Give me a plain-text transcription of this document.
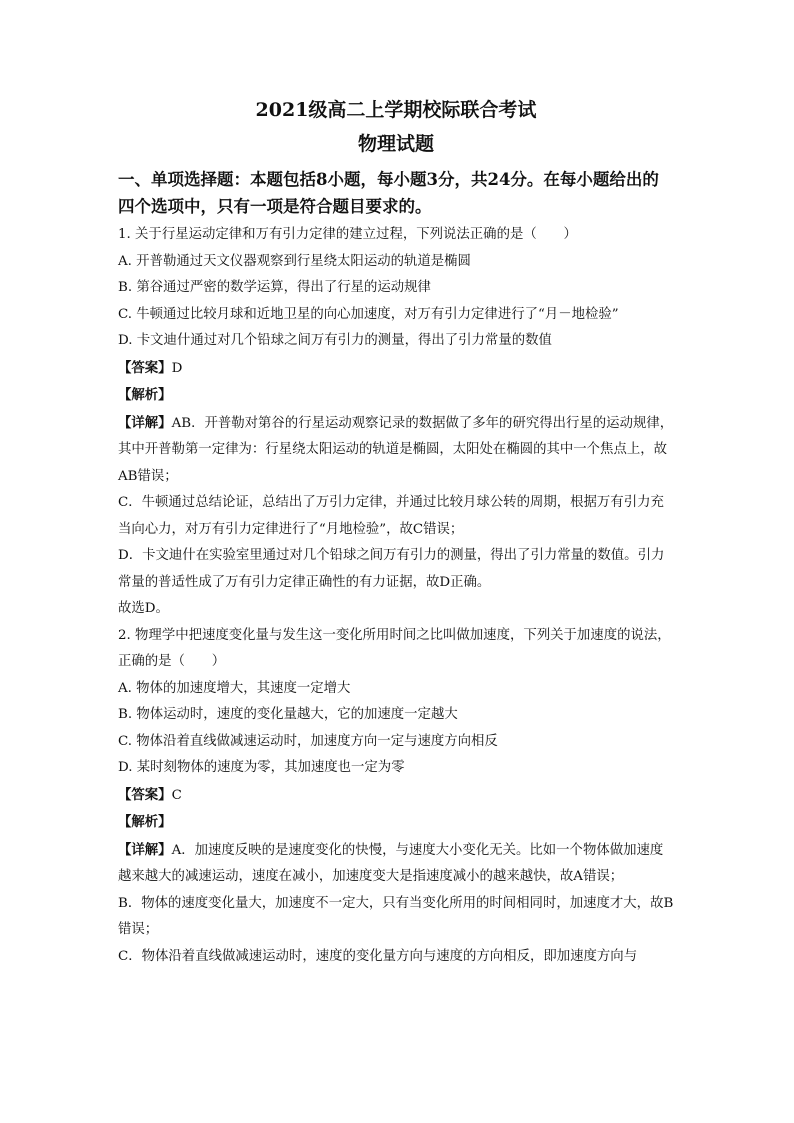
2021级高二上学期校际联合考试
物理试题

一、单项选择题：本题包括8小题，每小题3分，共24分。在每小题给出的四个选项中，只有一项是符合题目要求的。

1. 关于行星运动定律和万有引力定律的建立过程，下列说法正确的是（　　）

A. 开普勒通过天文仪器观察到行星绕太阳运动的轨道是椭圆

B. 第谷通过严密的数学运算，得出了行星的运动规律

C. 牛顿通过比较月球和近地卫星的向心加速度，对万有引力定律进行了“月－地检验”

D. 卡文迪什通过对几个铅球之间万有引力的测量，得出了引力常量的数值

【答案】D

【解析】

【详解】AB．开普勒对第谷的行星运动观察记录的数据做了多年的研究得出行星的运动规律，其中开普勒第一定律为：行星绕太阳运动的轨道是椭圆，太阳处在椭圆的其中一个焦点上，故AB错误；

C．牛顿通过总结论证，总结出了万引力定律，并通过比较月球公转的周期，根据万有引力充当向心力，对万有引力定律进行了“月地检验”，故C错误；

D．卡文迪什在实验室里通过对几个铅球之间万有引力的测量，得出了引力常量的数值。引力常量的普适性成了万有引力定律正确性的有力证据，故D正确。

故选D。

2. 物理学中把速度变化量与发生这一变化所用时间之比叫做加速度，下列关于加速度的说法，正确的是（　　）

A. 物体的加速度增大，其速度一定增大

B. 物体运动时，速度的变化量越大，它的加速度一定越大

C. 物体沿着直线做减速运动时，加速度方向一定与速度方向相反

D. 某时刻物体的速度为零，其加速度也一定为零

【答案】C

【解析】

【详解】A．加速度反映的是速度变化的快慢，与速度大小变化无关。比如一个物体做加速度越来越大的减速运动，速度在减小，加速度变大是指速度减小的越来越快，故A错误；

B．物体的速度变化量大，加速度不一定大，只有当变化所用的时间相同时，加速度才大，故B错误；

C．物体沿着直线做减速运动时，速度的变化量方向与速度的方向相反，即加速度方向与
